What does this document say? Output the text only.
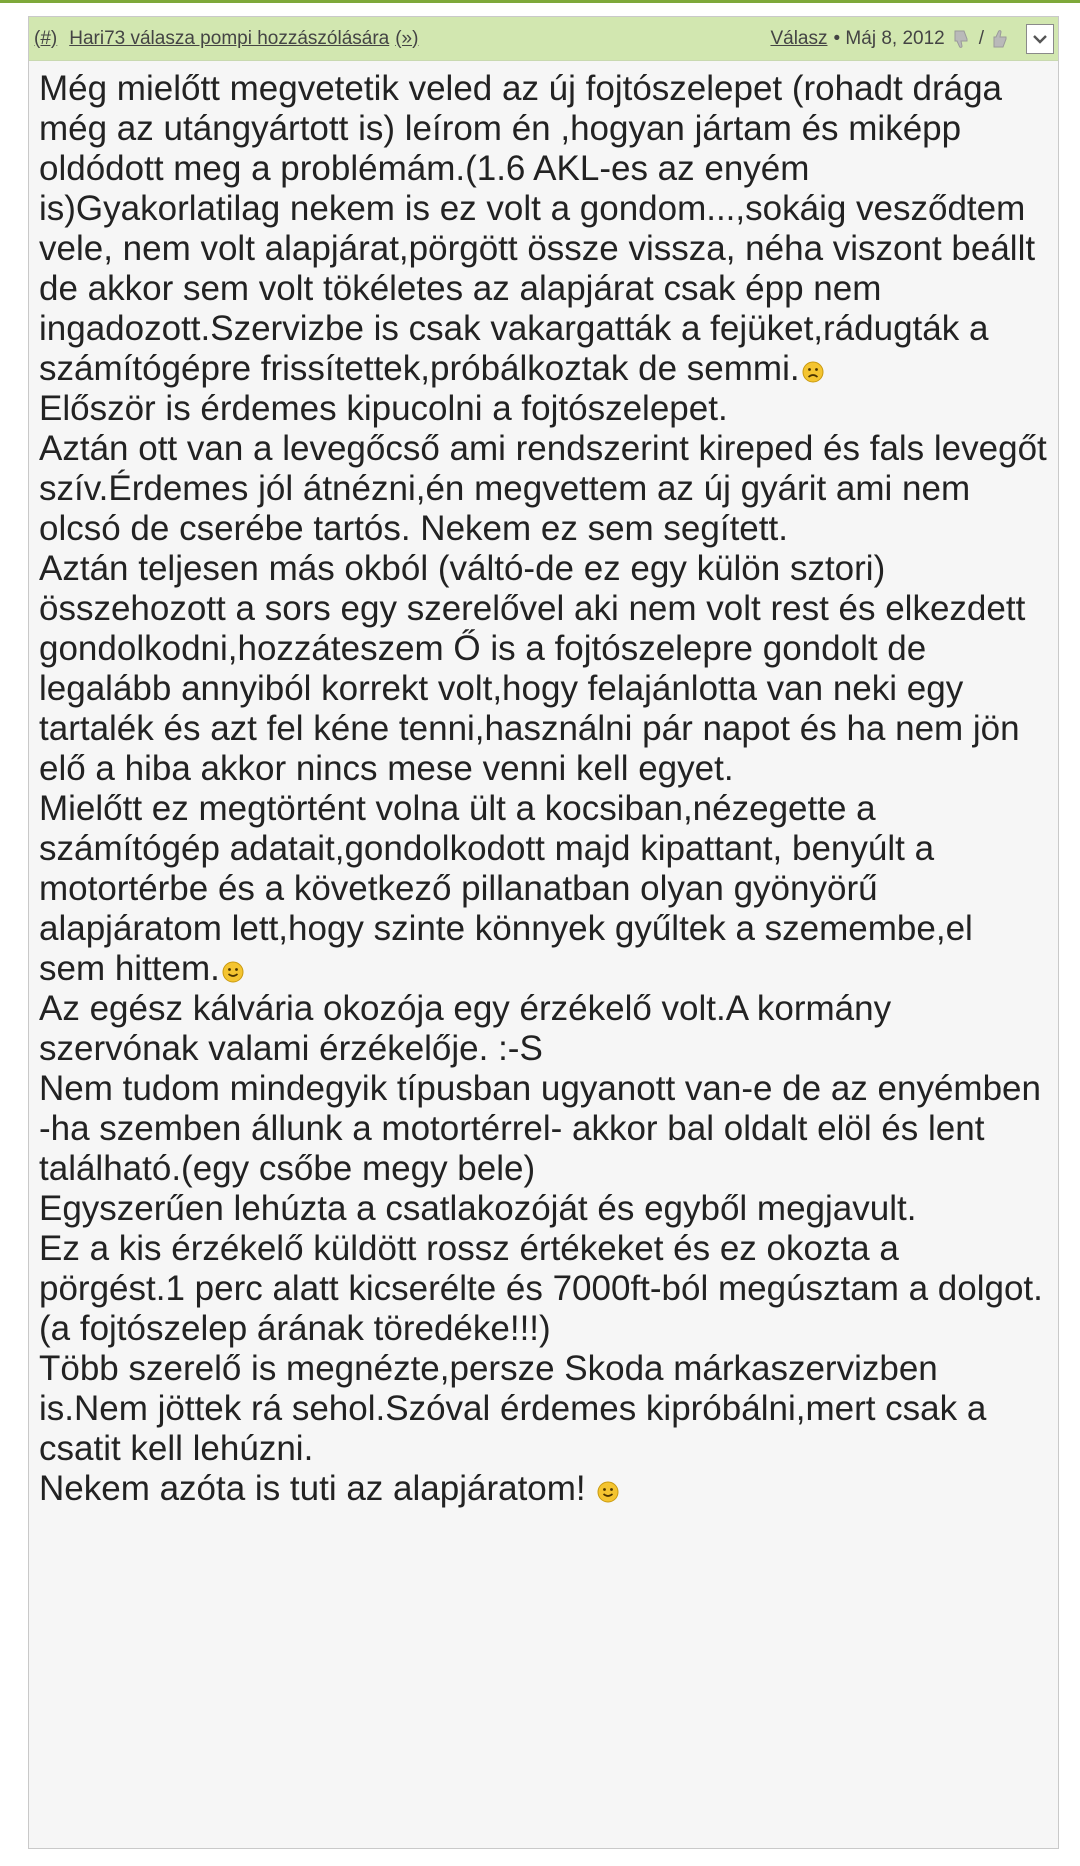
(#) Hari73 válasza pompi hozzászólására (»)	Válasz • Máj 8, 2012 /

Még mielőtt megvetetik veled az új fojtószelepet (rohadt drága még az utángyártott is) leírom én ,hogyan jártam és miképp oldódott meg a problémám.(1.6 AKL-es az enyém is)Gyakorlatilag nekem is ez volt a gondom...,sokáig vesződtem vele, nem volt alapjárat,pörgött össze vissza, néha viszont beállt de akkor sem volt tökéletes az alapjárat csak épp nem ingadozott.Szervizbe is csak vakargatták a fejüket,rádugták a számítógépre frissítettek,próbálkoztak de semmi.

Először is érdemes kipucolni a fojtószelepet.

Aztán ott van a levegőcső ami rendszerint kireped és fals levegőt szív.Érdemes jól átnézni,én megvettem az új gyárit ami nem olcsó de cserébe tartós. Nekem ez sem segített.

Aztán teljesen más okból (váltó-de ez egy külön sztori) összehozott a sors egy szerelővel aki nem volt rest és elkezdett gondolkodni,hozzáteszem Ő is a fojtószelepre gondolt de legalább annyiból korrekt volt,hogy felajánlotta van neki egy tartalék és azt fel kéne tenni,használni pár napot és ha nem jön elő a hiba akkor nincs mese venni kell egyet.

Mielőtt ez megtörtént volna ült a kocsiban,nézegette a számítógép adatait,gondolkodott majd kipattant, benyúlt a motortérbe és a következő pillanatban olyan gyönyörű alapjáratom lett,hogy szinte könnyek gyűltek a szemembe,el sem hittem.

Az egész kálvária okozója egy érzékelő volt.A kormány szervónak valami érzékelője. :-S

Nem tudom mindegyik típusban ugyanott van-e de az enyémben -ha szemben állunk a motortérrel- akkor bal oldalt elöl és lent található.(egy csőbe megy bele)

Egyszerűen lehúzta a csatlakozóját és egyből megjavult.

Ez a kis érzékelő küldött rossz értékeket és ez okozta a pörgést.1 perc alatt kicserélte és 7000ft-ból megúsztam a dolgot.(a fojtószelep árának töredéke!!!)

Több szerelő is megnézte,persze Skoda márkaszervizben is.Nem jöttek rá sehol.Szóval érdemes kipróbálni,mert csak a csatit kell lehúzni.

Nekem azóta is tuti az alapjáratom!
